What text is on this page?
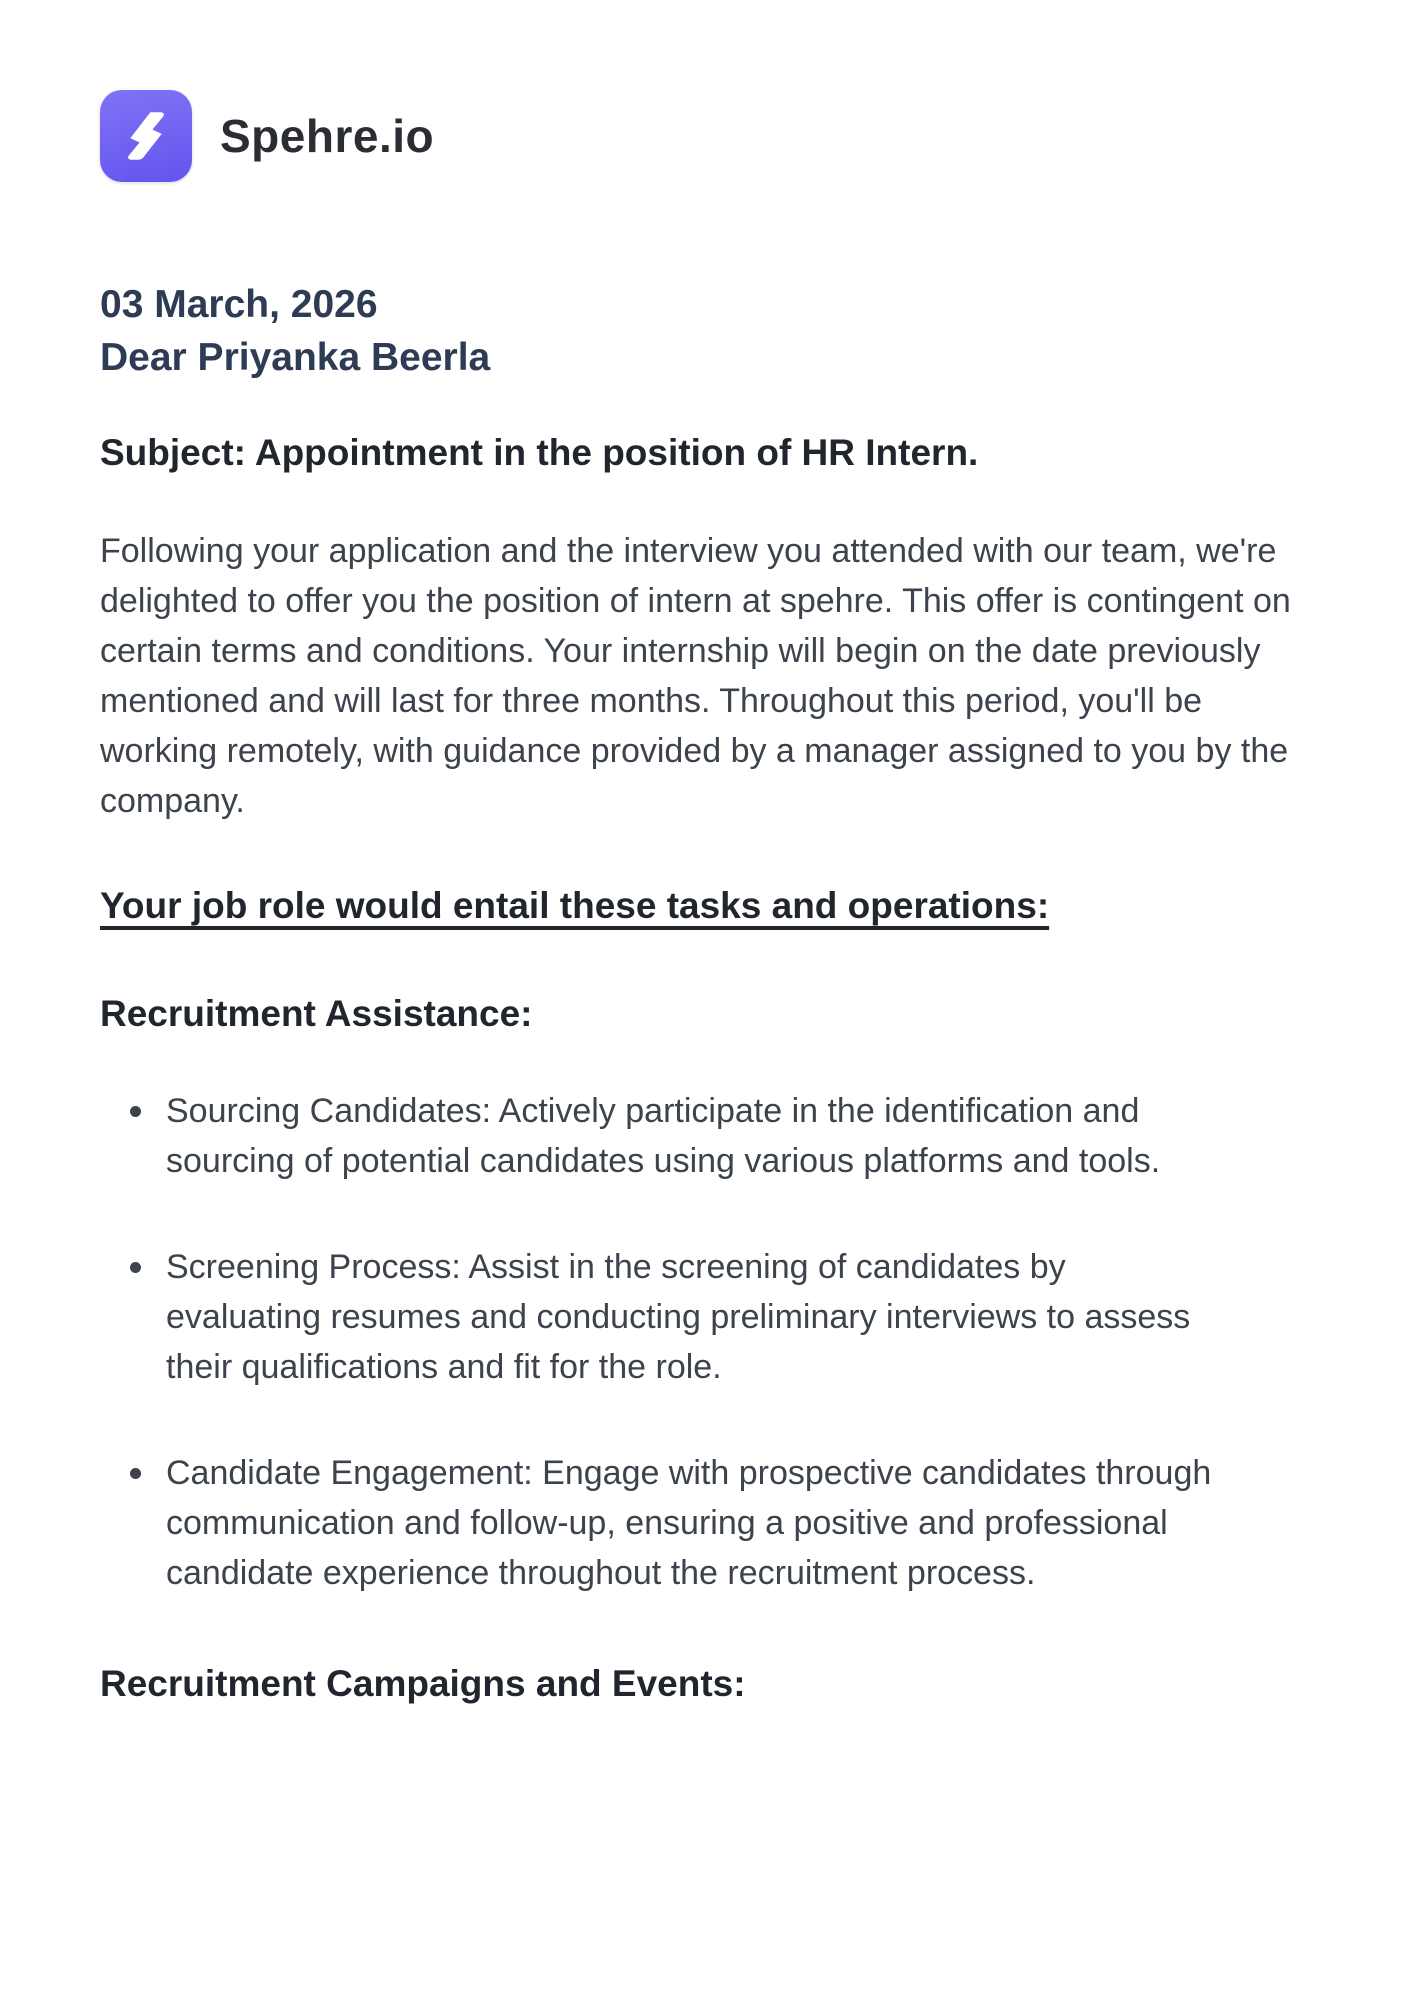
Spehre.io

03 March, 2026

Dear Priyanka Beerla

Subject: Appointment in the position of HR Intern.

Following your application and the interview you attended with our team, we're delighted to offer you the position of intern at spehre. This offer is contingent on certain terms and conditions. Your internship will begin on the date previously mentioned and will last for three months. Throughout this period, you'll be working remotely, with guidance provided by a manager assigned to you by the company.

Your job role would entail these tasks and operations:

Recruitment Assistance:
Sourcing Candidates: Actively participate in the identification and sourcing of potential candidates using various platforms and tools.
Screening Process: Assist in the screening of candidates by evaluating resumes and conducting preliminary interviews to assess their qualifications and fit for the role.
Candidate Engagement: Engage with prospective candidates through communication and follow-up, ensuring a positive and professional candidate experience throughout the recruitment process.
Recruitment Campaigns and Events:
